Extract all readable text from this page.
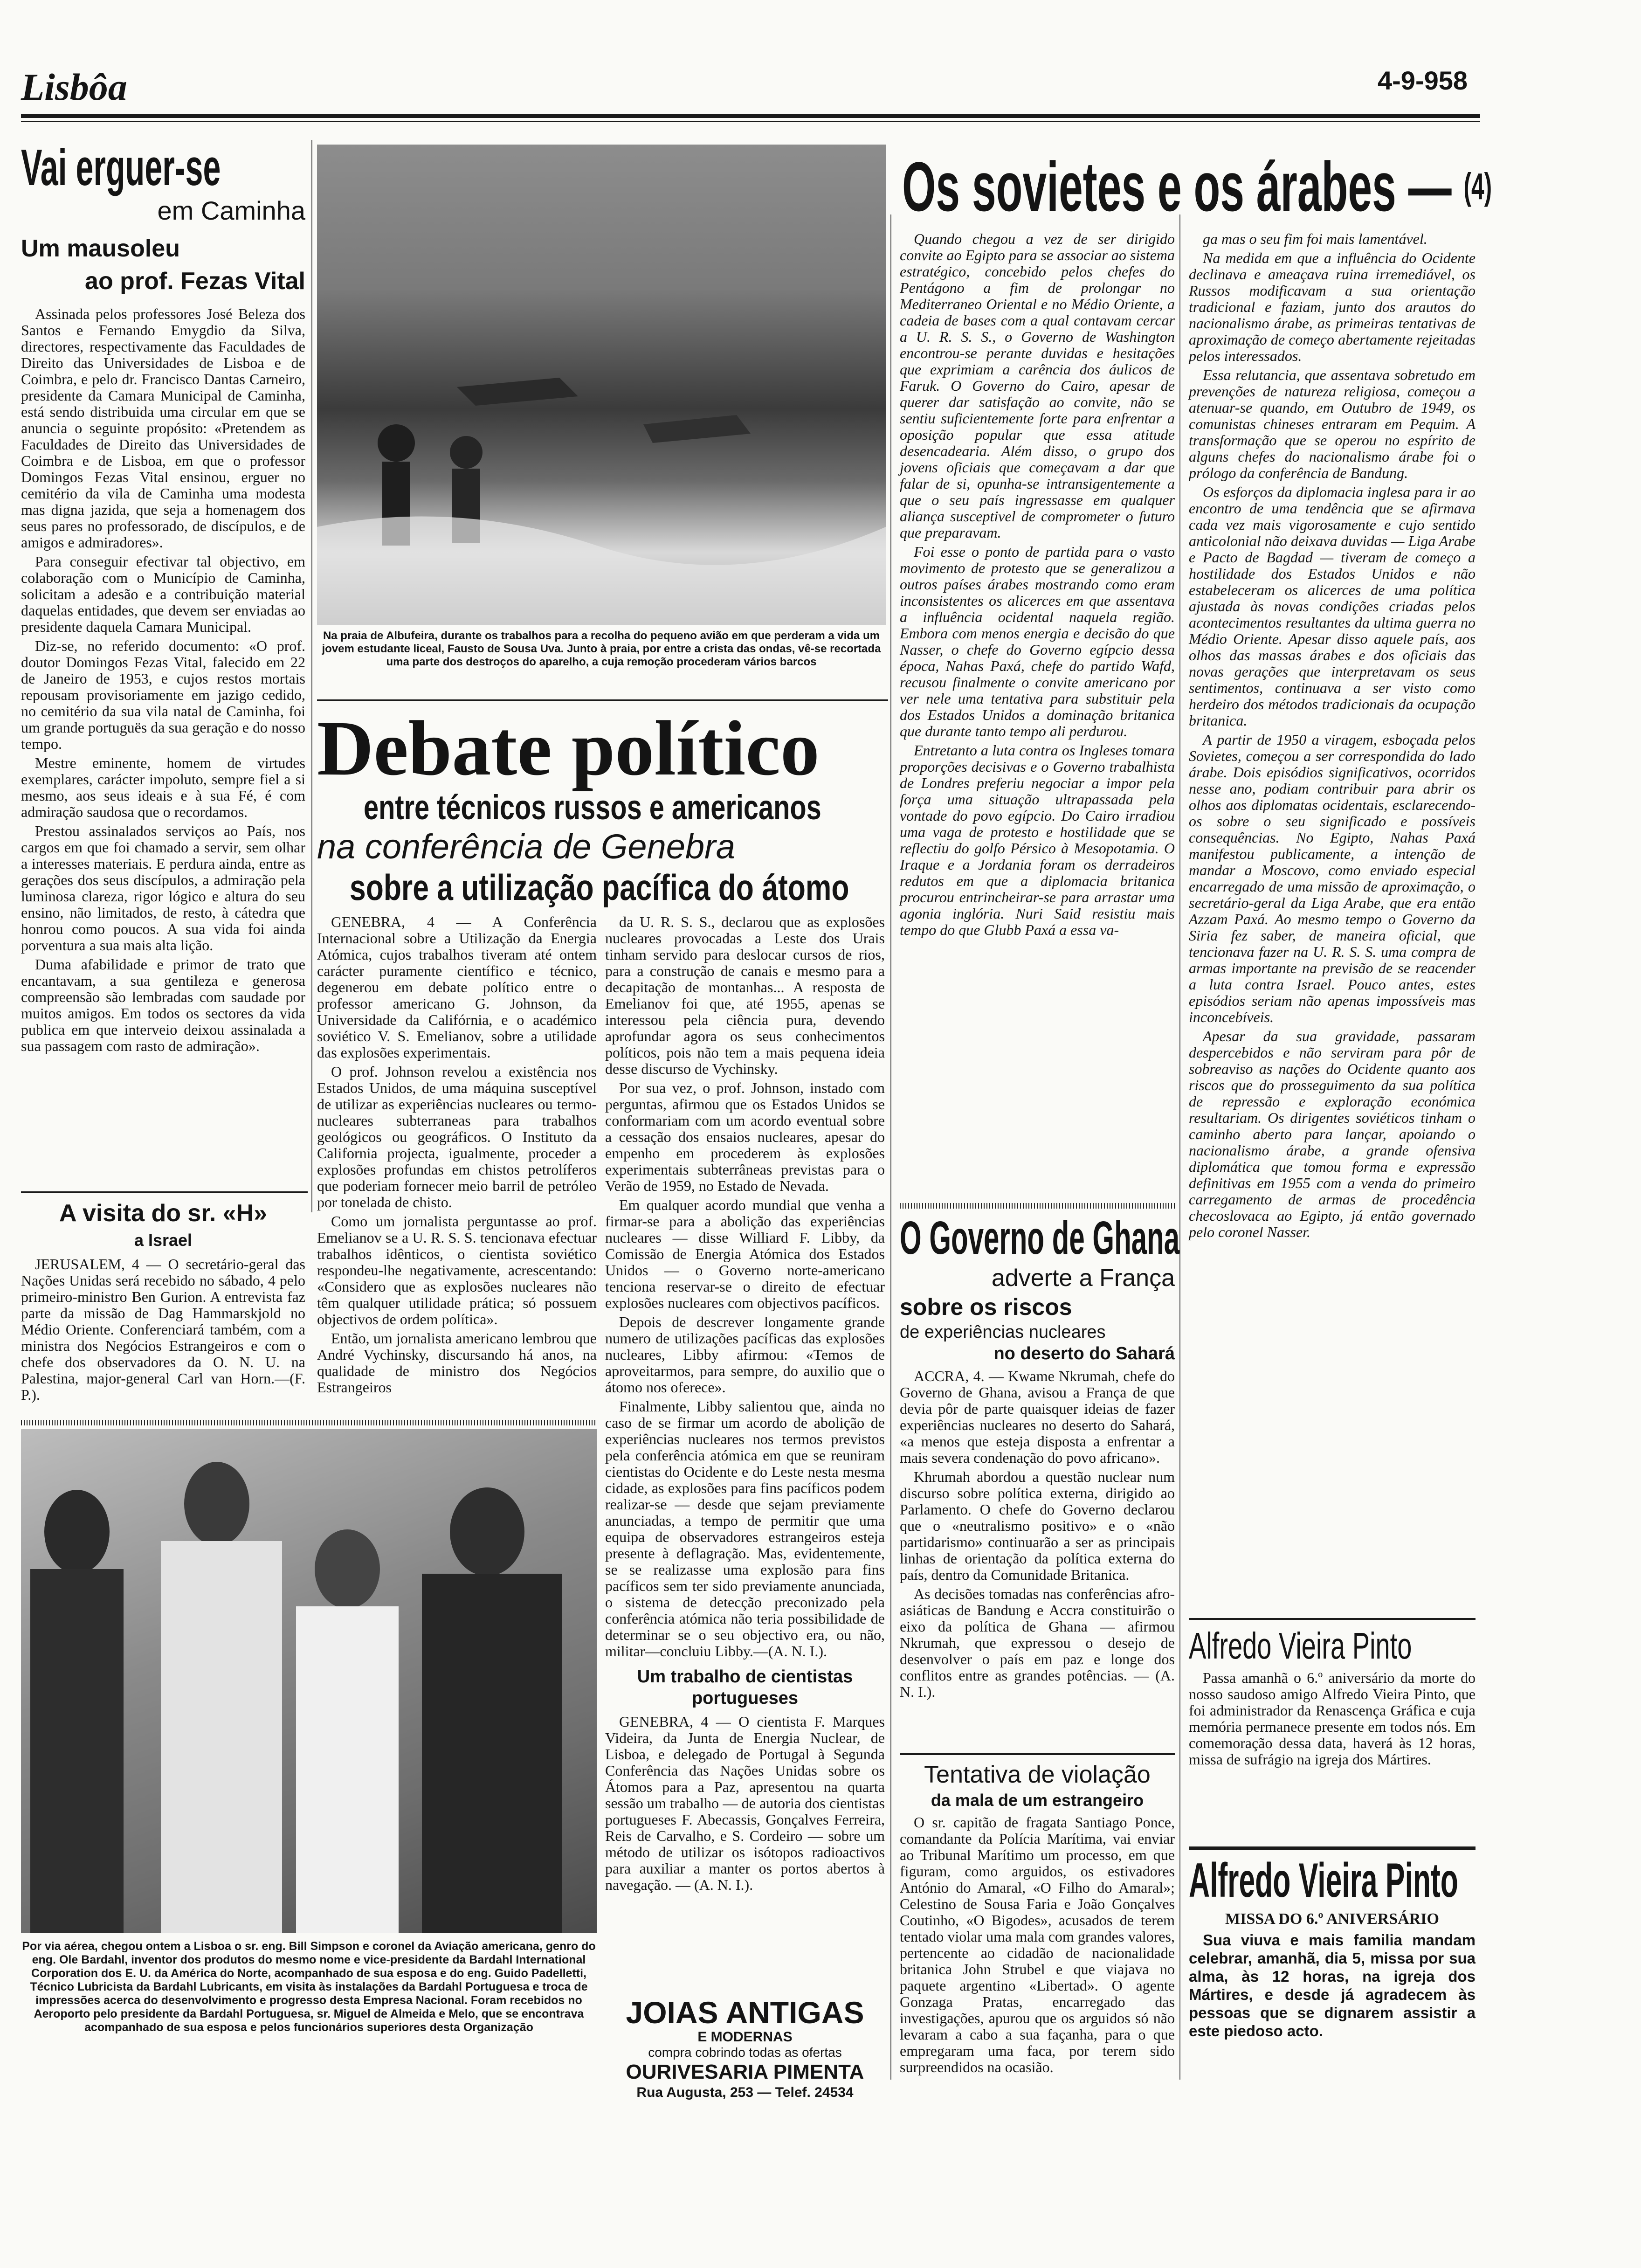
Lisbôa	4-9-958
Vai erguer-se
em Caminha
Um mausoleu
ao prof. Fezas Vital

Assinada pelos professores José Beleza dos Santos e Fernando Emygdio da Silva, directores, respectivamente das Faculdades de Direito das Universidades de Lisboa e de Coimbra, e pelo dr. Francisco Dantas Carneiro, presidente da Camara Municipal de Caminha, está sendo distribuida uma circular em que se anuncia o seguinte propósito: «Pretendem as Faculdades de Direito das Universidades de Coimbra e de Lisboa, em que o professor Domingos Fezas Vital ensinou, erguer no cemitério da vila de Caminha uma modesta mas digna jazida, que seja a homenagem dos seus pares no professorado, de discípulos, e de amigos e admiradores».

Para conseguir efectivar tal objectivo, em colaboração com o Município de Caminha, solicitam a adesão e a contribuição material daquelas entidades, que devem ser enviadas ao presidente daquela Camara Municipal.

Diz-se, no referido documento: «O prof. doutor Domingos Fezas Vital, falecido em 22 de Janeiro de 1953, e cujos restos mortais repousam provisoriamente em jazigo cedido, no cemitério da sua vila natal de Caminha, foi um grande portuguës da sua geração e do nosso tempo.

Mestre eminente, homem de virtudes exemplares, carácter impoluto, sempre fiel a si mesmo, aos seus ideais e à sua Fé, é com admiração saudosa que o recordamos.

Prestou assinalados serviços ao País, nos cargos em que foi chamado a servir, sem olhar a interesses materiais. E perdura ainda, entre as gerações dos seus discípulos, a admiração pela luminosa clareza, rigor lógico e altura do seu ensino, não limitados, de resto, à cátedra que honrou como poucos. A sua vida foi ainda porventura a sua mais alta lição.

Duma afabilidade e primor de trato que encantavam, a sua gentileza e generosa compreensão são lembradas com saudade por muitos amigos. Em todos os sectores da vida publica em que interveio deixou assinalada a sua passagem com rasto de admiração».

A visita do sr. «H»
a Israel

JERUSALEM, 4 — O secretário-geral das Nações Unidas será recebido no sábado, 4 pelo primeiro-ministro Ben Gurion. A entrevista faz parte da missão de Dag Hammarskjold no Médio Oriente. Conferenciará também, com a ministra dos Negócios Estrangeiros e com o chefe dos observadores da O. N. U. na Palestina, major-general Carl van Horn.—(F. P.).

Na praia de Albufeira, durante os trabalhos para a recolha do pequeno avião em que perderam a vida um jovem estudante liceal, Fausto de Sousa Uva. Junto à praia, por entre a crista das ondas, vê-se recortada uma parte dos destroços do aparelho, a cuja remoção procederam vários barcos
Debate político
entre técnicos russos e americanos
na conferência de Genebra
sobre a utilização pacífica do átomo

GENEBRA, 4 — A Conferência Internacional sobre a Utilização da Energia Atómica, cujos trabalhos tiveram até ontem carácter puramente científico e técnico, degenerou em debate político entre o professor americano G. Johnson, da Universidade da Califórnia, e o académico soviético V. S. Emelianov, sobre a utilidade das explosões experimentais.

O prof. Johnson revelou a existência nos Estados Unidos, de uma máquina susceptível de utilizar as experiências nucleares ou termo-nucleares subterraneas para trabalhos geológicos ou geográficos. O Instituto da California projecta, igualmente, proceder a explosões profundas em chistos petrolíferos que poderiam fornecer meio barril de petróleo por tonelada de chisto.

Como um jornalista perguntasse ao prof. Emelianov se a U. R. S. S. tencionava efectuar trabalhos idênticos, o cientista soviético respondeu-lhe negativamente, acrescentando: «Considero que as explosões nucleares não têm qualquer utilidade prática; só possuem objectivos de ordem política».

Então, um jornalista americano lembrou que André Vychinsky, discursando há anos, na qualidade de ministro dos Negócios Estrangeiros

da U. R. S. S., declarou que as explosões nucleares provocadas a Leste dos Urais tinham servido para deslocar cursos de rios, para a construção de canais e mesmo para a decapitação de montanhas... A resposta de Emelianov foi que, até 1955, apenas se interessou pela ciência pura, devendo aprofundar agora os seus conhecimentos políticos, pois não tem a mais pequena ideia desse discurso de Vychinsky.

Por sua vez, o prof. Johnson, instado com perguntas, afirmou que os Estados Unidos se conformariam com um acordo eventual sobre a cessação dos ensaios nucleares, apesar do empenho em procederem às explosões experimentais subterrâneas previstas para o Verão de 1959, no Estado de Nevada.

Em qualquer acordo mundial que venha a firmar-se para a abolição das experiências nucleares — disse Williard F. Libby, da Comissão de Energia Atómica dos Estados Unidos — o Governo norte-americano tenciona reservar-se o direito de efectuar explosões nucleares com objectivos pacíficos.

Depois de descrever longamente grande numero de utilizações pacíficas das explosões nucleares, Libby afirmou: «Temos de aproveitarmos, para sempre, do auxilio que o átomo nos oferece».

Finalmente, Libby salientou que, ainda no caso de se firmar um acordo de abolição de experiências nucleares nos termos previstos pela conferência atómica em que se reuniram cientistas do Ocidente e do Leste nesta mesma cidade, as explosões para fins pacíficos podem realizar-se — desde que sejam previamente anunciadas, a tempo de permitir que uma equipa de observadores estrangeiros esteja presente à deflagração. Mas, evidentemente, se se realizasse uma explosão para fins pacíficos sem ter sido previamente anunciada, o sistema de detecção preconizado pela conferência atómica não teria possibilidade de determinar se o seu objectivo era, ou não, militar—concluiu Libby.—(A. N. I.).

Um trabalho de cientistas portugueses

GENEBRA, 4 — O cientista F. Marques Videira, da Junta de Energia Nuclear, de Lisboa, e delegado de Portugal à Segunda Conferência das Nações Unidas sobre os Átomos para a Paz, apresentou na quarta sessão um trabalho — de autoria dos cientistas portugueses F. Abecassis, Gonçalves Ferreira, Reis de Carvalho, e S. Cordeiro — sobre um método de utilizar os isótopos radioactivos para auxiliar a manter os portos abertos à navegação. — (A. N. I.).

Por via aérea, chegou ontem a Lisboa o sr. eng. Bill Simpson e coronel da Aviação americana, genro do eng. Ole Bardahl, inventor dos produtos do mesmo nome e vice-presidente da Bardahl International Corporation dos E. U. da América do Norte, acompanhado de sua esposa e do eng. Guido Padelletti, Técnico Lubricista da Bardahl Lubricants, em visita às instalações da Bardahl Portuguesa e troca de impressões acerca do desenvolvimento e progresso desta Empresa Nacional. Foram recebidos no Aeroporto pelo presidente da Bardahl Portuguesa, sr. Miguel de Almeida e Melo, que se encontrava acompanhado de sua esposa e pelos funcionários superiores desta Organização	JOIAS ANTIGAS
E MODERNAS
compra cobrindo todas as ofertas
OURIVESARIA PIMENTA
Rua Augusta, 253 — Telef. 24534
Os sovietes e os árabes — $^{(4)}$

Quando chegou a vez de ser dirigido convite ao Egipto para se associar ao sistema estratégico, concebido pelos chefes do Pentágono a fim de prolongar no Mediterraneo Oriental e no Médio Oriente, a cadeia de bases com a qual contavam cercar a U. R. S. S., o Governo de Washington encontrou-se perante duvidas e hesitações que exprimiam a carência dos áulicos de Faruk. O Governo do Cairo, apesar de querer dar satisfação ao convite, não se sentiu suficientemente forte para enfrentar a oposição popular que essa atitude desencadearia. Além disso, o grupo dos jovens oficiais que começavam a dar que falar de si, opunha-se intransigentemente a que o seu país ingressasse em qualquer aliança susceptivel de comprometer o futuro que preparavam.

Foi esse o ponto de partida para o vasto movimento de protesto que se generalizou a outros países árabes mostrando como eram inconsistentes os alicerces em que assentava a influência ocidental naquela região. Embora com menos energia e decisão do que Nasser, o chefe do Governo egípcio dessa época, Nahas Paxá, chefe do partido Wafd, recusou finalmente o convite americano por ver nele uma tentativa para substituir pela dos Estados Unidos a dominação britanica que durante tanto tempo ali perdurou.

Entretanto a luta contra os Ingleses tomara proporções decisivas e o Governo trabalhista de Londres preferiu negociar a impor pela força uma situação ultrapassada pela vontade do povo egípcio. Do Cairo irradiou uma vaga de protesto e hostilidade que se reflectiu do golfo Pérsico à Mesopotamia. O Iraque e a Jordania foram os derradeiros redutos em que a diplomacia britanica procurou entrincheirar-se para arrastar uma agonia inglória. Nuri Said resistiu mais tempo do que Glubb Paxá a essa va-

ga mas o seu fim foi mais lamentável.

Na medida em que a influência do Ocidente declinava e ameaçava ruina irremediável, os Russos modificavam a sua orientação tradicional e faziam, junto dos arautos do nacionalismo árabe, as primeiras tentativas de aproximação de começo abertamente rejeitadas pelos interessados.

Essa relutancia, que assentava sobretudo em prevenções de natureza religiosa, começou a atenuar-se quando, em Outubro de 1949, os comunistas chineses entraram em Pequim. A transformação que se operou no espírito de alguns chefes do nacionalismo árabe foi o prólogo da conferência de Bandung.

Os esforços da diplomacia inglesa para ir ao encontro de uma tendência que se afirmava cada vez mais vigorosamente e cujo sentido anticolonial não deixava duvidas — Liga Arabe e Pacto de Bagdad — tiveram de começo a hostilidade dos Estados Unidos e não estabeleceram os alicerces de uma política ajustada às novas condições criadas pelos acontecimentos resultantes da ultima guerra no Médio Oriente. Apesar disso aquele país, aos olhos das massas árabes e dos oficiais das novas gerações que interpretavam os seus sentimentos, continuava a ser visto como herdeiro dos métodos tradicionais da ocupação britanica.

A partir de 1950 a viragem, esboçada pelos Sovietes, começou a ser correspondida do lado árabe. Dois episódios significativos, ocorridos nesse ano, podiam contribuir para abrir os olhos aos diplomatas ocidentais, esclarecendo-os sobre o seu significado e possíveis consequências. No Egipto, Nahas Paxá manifestou publicamente, a intenção de mandar a Moscovo, como enviado especial encarregado de uma missão de aproximação, o secretário-geral da Liga Arabe, que era então Azzam Paxá. Ao mesmo tempo o Governo da Siria fez saber, de maneira oficial, que tencionava fazer na U. R. S. S. uma compra de armas importante na previsão de se reacender a luta contra Israel. Pouco antes, estes episódios seriam não apenas impossíveis mas inconcebíveis.

Apesar da sua gravidade, passaram despercebidos e não serviram para pôr de sobreaviso as nações do Ocidente quanto aos riscos que do prosseguimento da sua política de repressão e exploração económica resultariam. Os dirigentes soviéticos tinham o caminho aberto para lançar, apoiando o nacionalismo árabe, a grande ofensiva diplomática que tomou forma e expressão definitivas em 1955 com a venda do primeiro carregamento de armas de procedência checoslovaca ao Egipto, já então governado pelo coronel Nasser.

O Governo de Ghana
adverte a França
sobre os riscos
de experiências nucleares
no deserto do Sahará

ACCRA, 4. — Kwame Nkrumah, chefe do Governo de Ghana, avisou a França de que devia pôr de parte quaisquer ideias de fazer experiências nucleares no deserto do Sahará, «a menos que esteja disposta a enfrentar a mais severa condenação do povo africano».

Khrumah abordou a questão nuclear num discurso sobre política externa, dirigido ao Parlamento. O chefe do Governo declarou que o «neutralismo positivo» e o «não partidarismo» continuarão a ser as principais linhas de orientação da política externa do país, dentro da Comunidade Britanica.

As decisões tomadas nas conferências afro-asiáticas de Bandung e Accra constituirão o eixo da política de Ghana — afirmou Nkrumah, que expressou o desejo de desenvolver o país em paz e longe dos conflitos entre as grandes potências. — (A. N. I.).

Tentativa de violação
da mala de um estrangeiro

O sr. capitão de fragata Santiago Ponce, comandante da Polícia Marítima, vai enviar ao Tribunal Marítimo um processo, em que figuram, como arguidos, os estivadores António do Amaral, «O Filho do Amaral»; Celestino de Sousa Faria e João Gonçalves Coutinho, «O Bigodes», acusados de terem tentado violar uma mala com grandes valores, pertencente ao cidadão de nacionalidade britanica John Strubel e que viajava no paquete argentino «Libertad». O agente Gonzaga Pratas, encarregado das investigações, apurou que os arguidos só não levaram a cabo a sua façanha, para o que empregaram uma faca, por terem sido surpreendidos na ocasião.

Alfredo Vieira Pinto

Passa amanhã o 6.º aniversário da morte do nosso saudoso amigo Alfredo Vieira Pinto, que foi administrador da Renascença Gráfica e cuja memória permanece presente em todos nós. Em comemoração dessa data, haverá às 12 horas, missa de sufrágio na igreja dos Mártires.

Alfredo Vieira Pinto
MISSA DO 6.º ANIVERSÁRIO
Sua viuva e mais familia mandam celebrar, amanhã, dia 5, missa por sua alma, às 12 horas, na igreja dos Mártires, e desde já agradecem às pessoas que se dignarem assistir a este piedoso acto.
